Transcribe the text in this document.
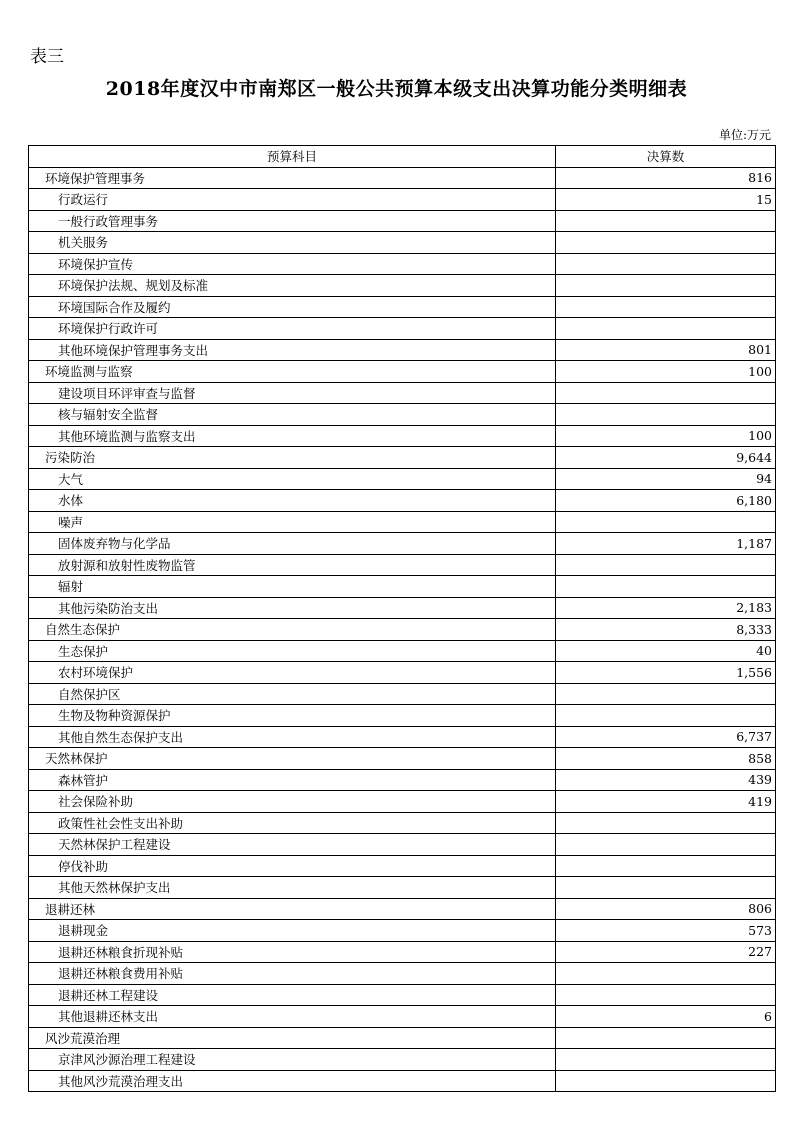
表三
2018年度汉中市南郑区一般公共预算本级支出决算功能分类明细表
单位:万元
预算科目	决算数
环境保护管理事务	816
行政运行	15
一般行政管理事务	
机关服务	
环境保护宣传	
环境保护法规、规划及标准	
环境国际合作及履约	
环境保护行政许可	
其他环境保护管理事务支出	801
环境监测与监察	100
建设项目环评审查与监督	
核与辐射安全监督	
其他环境监测与监察支出	100
污染防治	9,644
大气	94
水体	6,180
噪声	
固体废弃物与化学品	1,187
放射源和放射性废物监管	
辐射	
其他污染防治支出	2,183
自然生态保护	8,333
生态保护	40
农村环境保护	1,556
自然保护区	
生物及物种资源保护	
其他自然生态保护支出	6,737
天然林保护	858
森林管护	439
社会保险补助	419
政策性社会性支出补助	
天然林保护工程建设	
停伐补助	
其他天然林保护支出	
退耕还林	806
退耕现金	573
退耕还林粮食折现补贴	227
退耕还林粮食费用补贴	
退耕还林工程建设	
其他退耕还林支出	6
风沙荒漠治理	
京津风沙源治理工程建设	
其他风沙荒漠治理支出	
